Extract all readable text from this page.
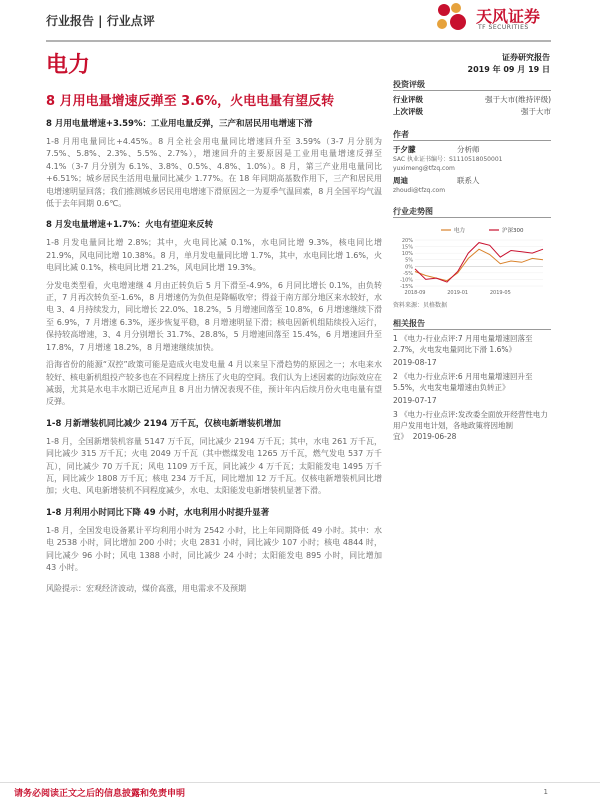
行业报告 | 行业点评	天风证券
TF SECURITIES
电力	证券研究报告
2019 年 09 月 19 日
8 月用电量增速反弹至 3.6%，火电电量有望反转
8 月用电量增速+3.59%：工业用电量反弹，三产和居民用电增速下滑
1-8 月用电量同比+4.45%。8 月全社会用电量同比增速回升至 3.59%（3-7 月分别为 7.5%、5.8%、2.3%、5.5%、2.7%），增速回升的主要原因是工业用电量增速反弹至 4.1%（3-7 月分别为 6.1%、3.8%、0.5%、4.8%、1.0%）。8 月，第三产业用电量同比+6.51%；城乡居民生活用电量同比减少 1.77%。在 18 年同期高基数作用下，三产和居民用电增速明显回落；我们推测城乡居民用电增速下滑原因之一为夏季气温回素，8 月全国平均气温低于去年同期 0.6℃。
8 月发电量增速+1.7%：火电有望迎来反转
1-8 月发电量同比增 2.8%；其中，火电同比减 0.1%，水电同比增 9.3%，核电同比增 21.9%，风电同比增 10.38%。8 月，单月发电量同比增 1.7%，其中，水电同比增 1.6%，火电同比减 0.1%，核电同比增 21.2%，风电同比增 19.3%。
分发电类型看，火电增速继 4 月由正转负后 5 月下滑至-4.9%，6 月同比增长 0.1%，由负转正，7 月再次转负至-1.6%，8 月增速仍为负但是降幅收窄；得益于南方部分地区来水较好，水电 3、4 月持续发力，同比增长 22.0%、18.2%，5 月增速回落至 10.8%，6 月增速继续下滑至 6.9%，7 月增速 6.3%，逐步恢复平稳，8 月增速明显下滑；核电因新机组陆续投入运行，保持较高增速，3、4 月分别增长 31.7%、28.8%，5 月增速回落至 15.4%，6 月增速回升至 17.8%，7 月增速 18.2%，8 月增速继续加快。
沿海省份的能源“双控”政策可能是造成火电发电量 4 月以来呈下滑趋势的原因之一；水电来水较好、核电新机组投产较多也在不同程度上挤压了火电的空间。我们认为上述因素的边际效应在减弱，尤其是水电丰水期已近尾声且 8 月出力情况表现不佳，预计年内后续月份火电电量有望反弹。
1-8 月新增装机同比减少 2194 万千瓦，仅核电新增装机增加
1-8 月，全国新增装机容量 5147 万千瓦，同比减少 2194 万千瓦；其中，水电 261 万千瓦，同比减少 315 万千瓦；火电 2049 万千瓦（其中燃煤发电 1265 万千瓦，燃气发电 537 万千瓦），同比减少 70 万千瓦；风电 1109 万千瓦，同比减少 4 万千瓦；太阳能发电 1495 万千瓦，同比减少 1808 万千瓦；核电 234 万千瓦，同比增加 12 万千瓦。仅核电新增装机同比增加；火电、风电新增装机不同程度减少，水电、太阳能发电新增装机显著下滑。
1-8 月利用小时同比下降 49 小时，水电利用小时提升显著
1-8 月，全国发电设备累计平均利用小时为 2542 小时，比上年同期降低 49 小时。其中：水电 2538 小时，同比增加 200 小时；火电 2831 小时，同比减少 107 小时；核电 4844 时，同比减少 96 小时；风电 1388 小时，同比减少 24 小时；太阳能发电 895 小时，同比增加 43 小时。
风险提示：宏观经济波动，煤价高涨，用电需求不及预期
投资评级
行业评级	强于大市(维持评级)
上次评级	强于大市
作者
于夕朦	分析师
SAC 执业证书编号：S1110518050001
yuximeng@tfzq.com
周迪	联系人
zhoudi@tfzq.com
行业走势图
20%
15%
10%
5%
0%
-5%
-10%
-15%
2018-09	2019-01	2019-05
电力	沪深300
资料来源：贝格数据
相关报告
1 《电力-行业点评:7 月用电量增速回落至 2.7%，火电发电量同比下滑 1.6%》
2019-08-17
2 《电力-行业点评:6 月用电量增速回升至 5.5%，火电发电量增速由负转正》
2019-07-17
3 《电力-行业点评:发改委全面放开经营性电力用户发用电计划，各地政策将因地制宜》 2019-06-28
请务必阅读正文之后的信息披露和免责申明	1
